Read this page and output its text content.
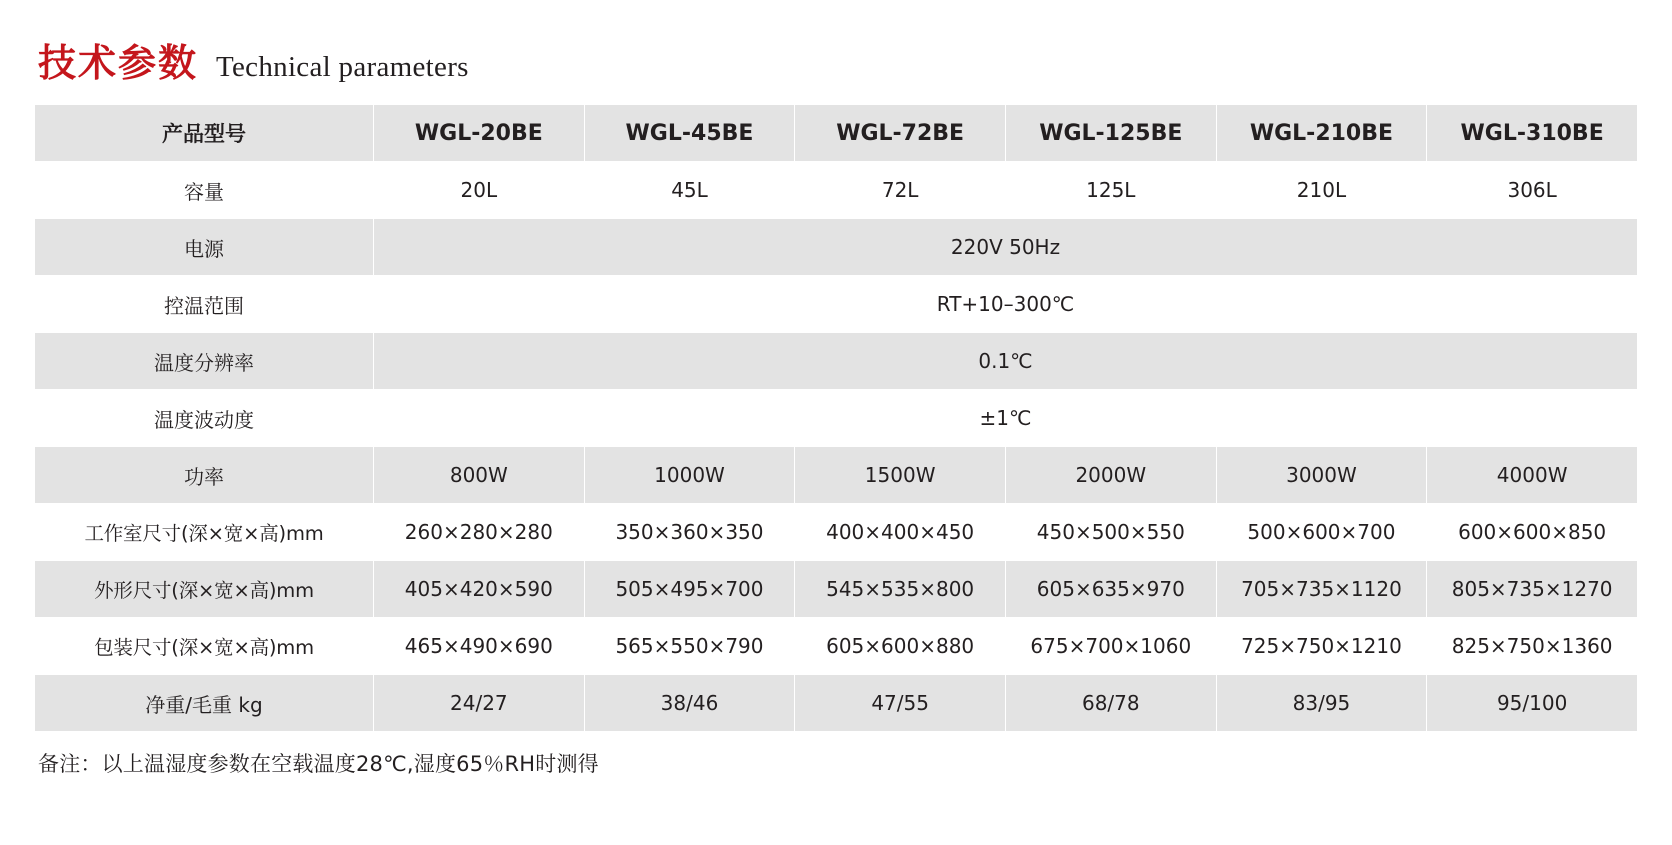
技术参数 Technical parameters
产品型号	WGL-20BE	WGL-45BE	WGL-72BE	WGL-125BE	WGL-210BE	WGL-310BE
容量	20L	45L	72L	125L	210L	306L
电源	220V 50Hz					
控温范围	RT+10–300℃					
温度分辨率	0.1℃					
温度波动度	±1℃					
功率	800W	1000W	1500W	2000W	3000W	4000W
工作室尺寸(深×宽×高)mm	260×280×280	350×360×350	400×400×450	450×500×550	500×600×700	600×600×850
外形尺寸(深×宽×高)mm	405×420×590	505×495×700	545×535×800	605×635×970	705×735×1120	805×735×1270
包装尺寸(深×宽×高)mm	465×490×690	565×550×790	605×600×880	675×700×1060	725×750×1210	825×750×1360
净重/毛重 kg	24/27	38/46	47/55	68/78	83/95	95/100
备注：以上温湿度参数在空载温度28℃,湿度65％RH时测得
